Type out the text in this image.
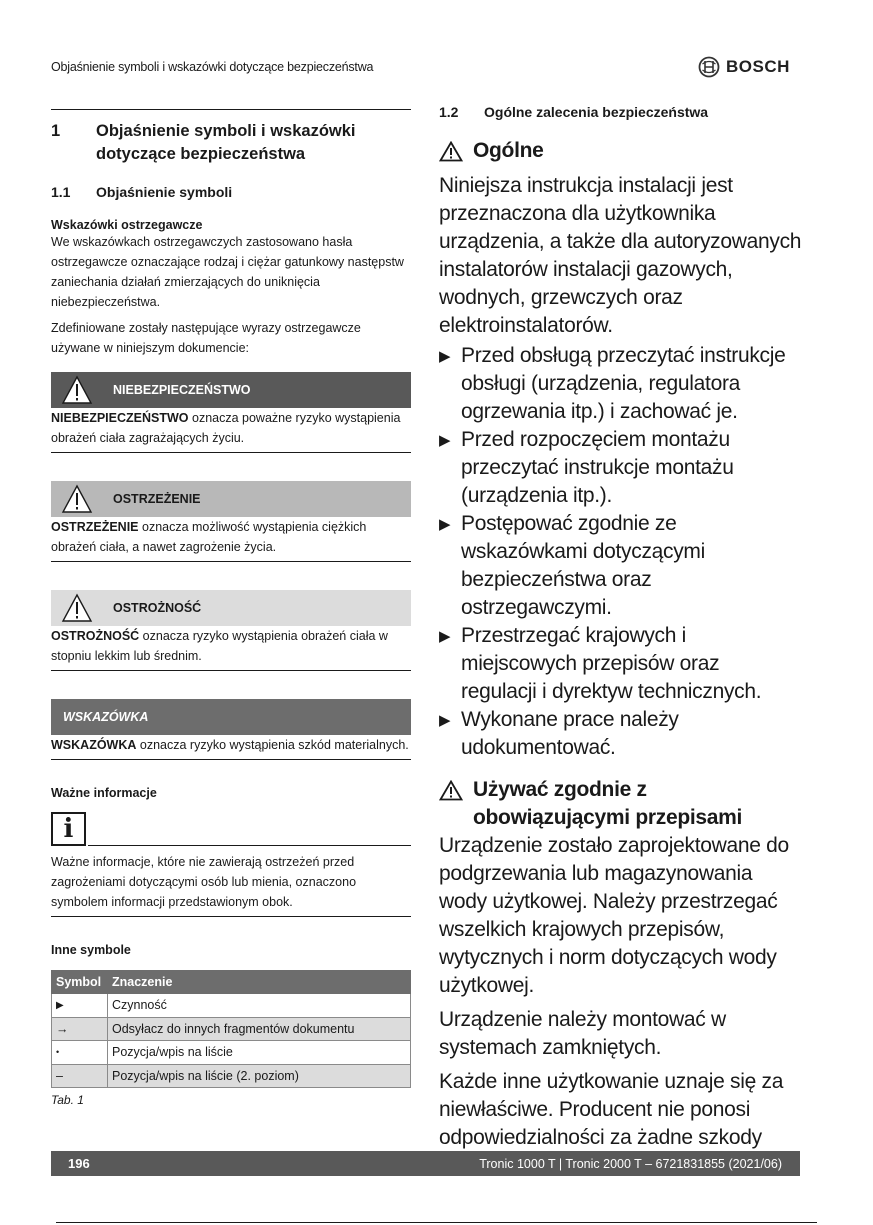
Objaśnienie symboli i wskazówki dotyczące bezpieczeństwa	BOSCH
1	Objaśnienie symboli i wskazówki dotyczące bezpieczeństwa
1.1	Objaśnienie symboli
Wskazówki ostrzegawcze
We wskazówkach ostrzegawczych zastosowano hasła ostrzegawcze oznaczające rodzaj i ciężar gatunkowy następstw zaniechania działań zmierzających do uniknięcia niebezpieczeństwa.
Zdefiniowane zostały następujące wyrazy ostrzegawcze używane w niniejszym dokumencie:
NIEBEZPIECZEŃSTWO
NIEBEZPIECZEŃSTWO oznacza poważne ryzyko wystąpienia obrażeń ciała zagrażających życiu.
OSTRZEŻENIE
OSTRZEŻENIE oznacza możliwość wystąpienia ciężkich obrażeń ciała, a nawet zagrożenie życia.
OSTROŻNOŚĆ
OSTROŻNOŚĆ oznacza ryzyko wystąpienia obrażeń ciała w stopniu lekkim lub średnim.
WSKAZÓWKA
WSKAZÓWKA oznacza ryzyko wystąpienia szkód materialnych.
Ważne informacje
i
Ważne informacje, które nie zawierają ostrzeżeń przed zagrożeniami dotyczącymi osób lub mienia, oznaczono symbolem informacji przedstawionym obok.
Inne symbole
Symbol	Znaczenie
▶	Czynność
→	Odsyłacz do innych fragmentów dokumentu
•	Pozycja/wpis na liście
–	Pozycja/wpis na liście (2. poziom)
Tab. 1
1.2	Ogólne zalecenia bezpieczeństwa
Ogólne
Niniejsza instrukcja instalacji jest przeznaczona dla użytkownika urządzenia, a także dla autoryzowanych instalatorów instalacji gazowych, wodnych, grzewczych oraz elektroinstalatorów.
▶ Przed obsługą przeczytać instrukcje obsługi (urządzenia, regulatora ogrzewania itp.) i zachować je.
▶ Przed rozpoczęciem montażu przeczytać instrukcje montażu (urządzenia itp.).
▶ Postępować zgodnie ze wskazówkami dotyczącymi bezpieczeństwa oraz ostrzegawczymi.
▶ Przestrzegać krajowych i miejscowych przepisów oraz regulacji i dyrektyw technicznych.
▶ Wykonane prace należy udokumentować.
Używać zgodnie z obowiązującymi przepisami
Urządzenie zostało zaprojektowane do podgrzewania lub magazynowania wody użytkowej. Należy przestrzegać wszelkich krajowych przepisów, wytycznych i norm dotyczących wody użytkowej.
Urządzenie należy montować w systemach zamkniętych.
Każde inne użytkowanie uznaje się za niewłaściwe. Producent nie ponosi odpowiedzialności za żadne szkody
196	Tronic 1000 T | Tronic 2000 T – 6721831855 (2021/06)
